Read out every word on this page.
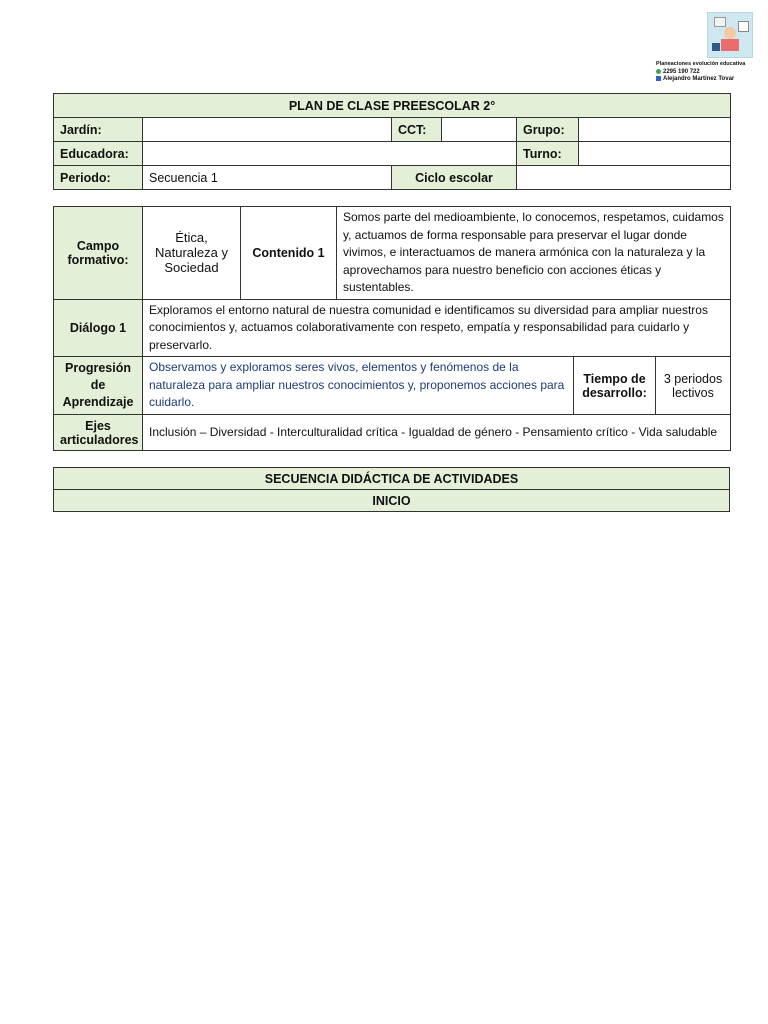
Planeaciones evolución educativa
2295 190 722
Alejandro Martínez Tovar
PLAN DE CLASE PREESCOLAR 2°					
Jardín:		CCT:		Grupo:	
Educadora:				Turno:	
Periodo:	Secuencia 1	Ciclo escolar			
Campo formativo:	Ética, Naturaleza y Sociedad	Contenido 1	Somos parte del medioambiente, lo conocemos, respetamos, cuidamos y, actuamos de forma responsable para preservar el lugar donde vivimos, e interactuamos de manera armónica con la naturaleza y la aprovechamos para nuestro beneficio con acciones éticas y sustentables.		
Diálogo 1	Exploramos el entorno natural de nuestra comunidad e identificamos su diversidad para ampliar nuestros conocimientos y, actuamos colaborativamente con respeto, empatía y responsabilidad para cuidarlo y preservarlo.				
Progresión de Aprendizaje	Observamos y exploramos seres vivos, elementos y fenómenos de la naturaleza para ampliar nuestros conocimientos y, proponemos acciones para cuidarlo.			Tiempo de desarrollo:	3 periodos lectivos
Ejes articuladores	Inclusión – Diversidad - Interculturalidad crítica - Igualdad de género - Pensamiento crítico - Vida saludable				
SECUENCIA DIDÁCTICA DE ACTIVIDADES
INICIO
